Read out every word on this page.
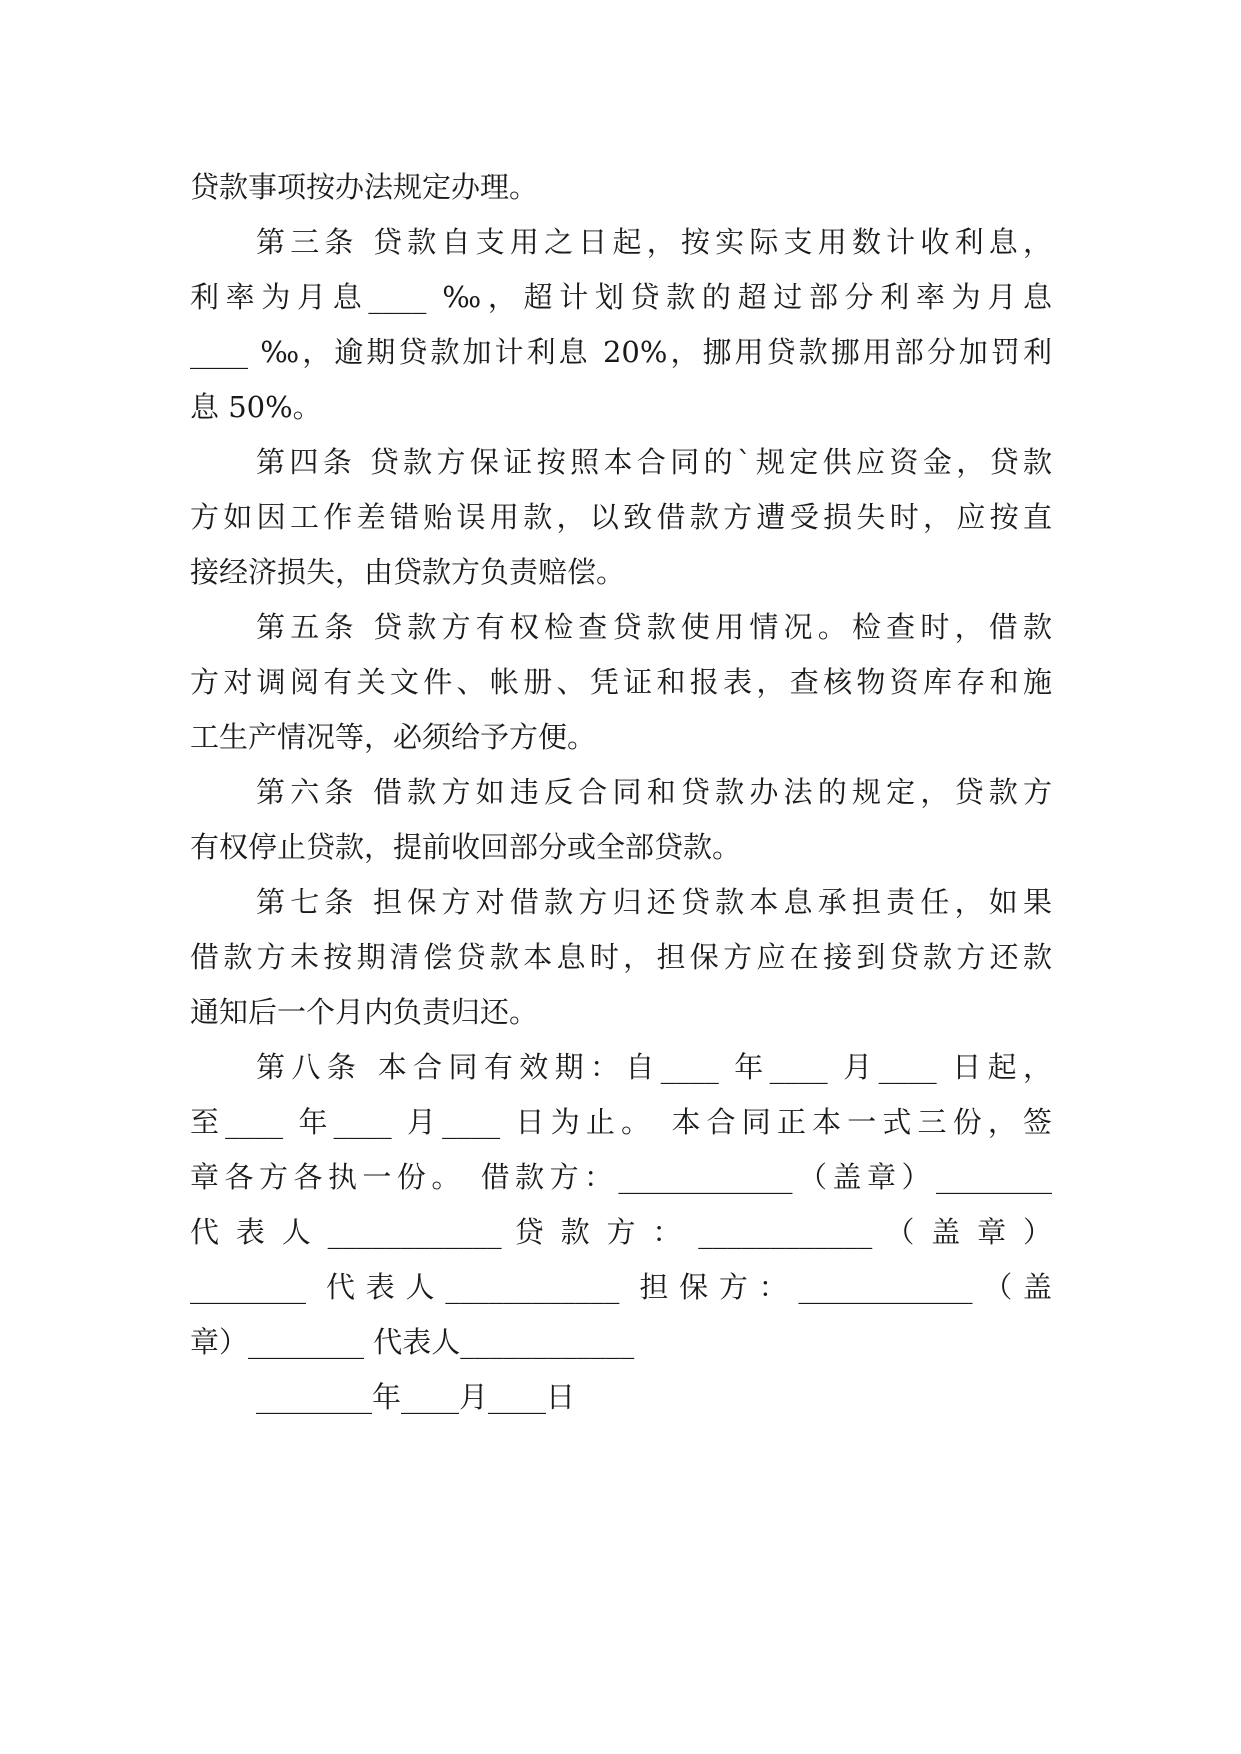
贷款事项按办法规定办理。
第三条 贷款自支用之日起，按实际支用数计收利息，
利率为月息____ ‰，超计划贷款的超过部分利率为月息
____ ‰，逾期贷款加计利息 20%，挪用贷款挪用部分加罚利
息 50%。
第四条 贷款方保证按照本合同的`规定供应资金，贷款
方如因工作差错贻误用款，以致借款方遭受损失时，应按直
接经济损失，由贷款方负责赔偿。
第五条 贷款方有权检查贷款使用情况。检查时，借款
方对调阅有关文件、帐册、凭证和报表，查核物资库存和施
工生产情况等，必须给予方便。
第六条 借款方如违反合同和贷款办法的规定，贷款方
有权停止贷款，提前收回部分或全部贷款。
第七条 担保方对借款方归还贷款本息承担责任，如果
借款方未按期清偿贷款本息时，担保方应在接到贷款方还款
通知后一个月内负责归还。
第八条 本合同有效期：自____ 年____ 月____ 日起，
至____ 年____ 月____ 日为止。 本合同正本一式三份，签
章各方各执一份。 借款方：____________（盖章）________
代 表 人 ____________ 贷 款 方 ： ____________ （ 盖 章 ）
________ 代表人____________ 担保方：____________（盖
章）________ 代表人____________
________年____月____日
